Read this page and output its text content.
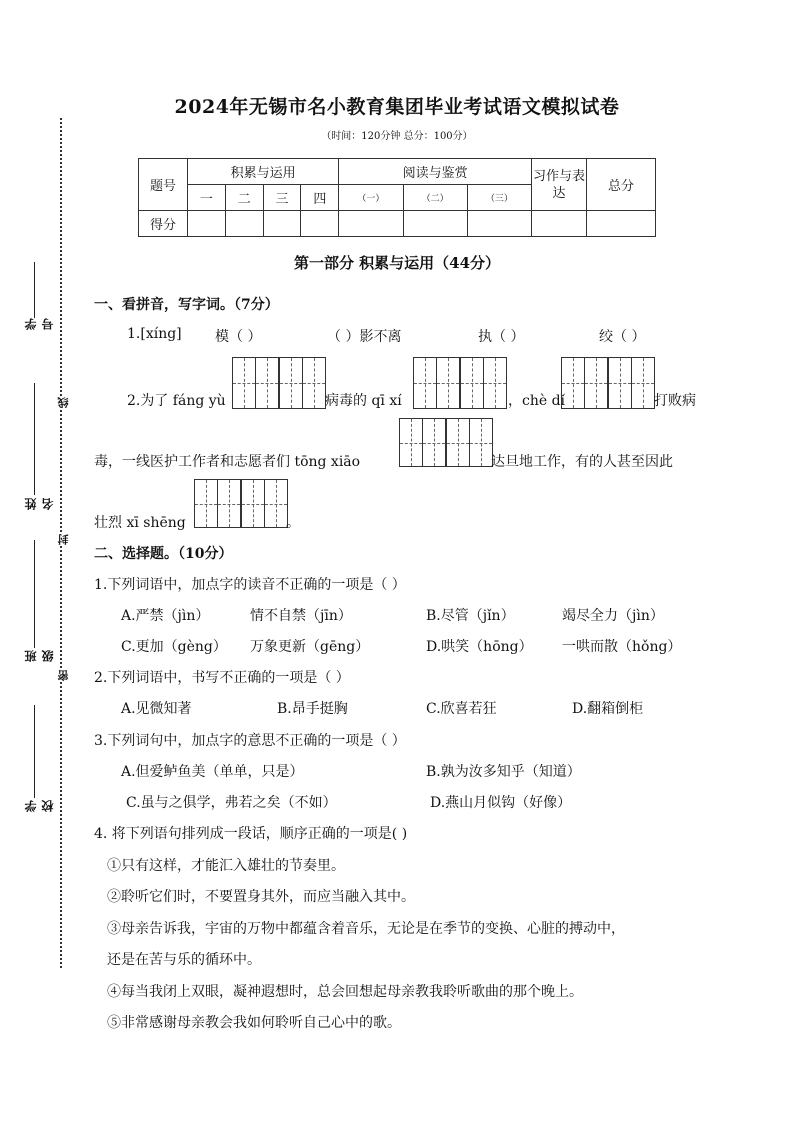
学号
姓名
班级
学校
线
封
密
2024年无锡市名小教育集团毕业考试语文模拟试卷
（时间：120分钟 总分：100分）
题号	积累与运用				阅读与鉴赏			习作与表达	总分
	一	二	三	四	（一）	（二）	（三）		
得分									
第一部分 积累与运用（44分）
一、看拼音，写字词。（7分）
1.[xíng] 模（ ）	（ ）影不离	执（ ）	绞（ ）
2.为了 fáng yù	病毒的 qī xí	，chè dǐ	打败病
毒，一线医护工作者和志愿者们 tōng xiāo	达旦地工作，有的人甚至因此
壮烈 xī shēng	。
二、选择题。（10分）
1.下列词语中，加点字的读音不正确的一项是（ ）
A.严禁（jìn）	情不自禁（jīn）	B.尽管（jǐn）	竭尽全力（jìn）
C.更加（gèng） 万象更新（gēng）	D.哄笑（hōng） 一哄而散（hǒng）
2.下列词语中，书写不正确的一项是（ ）
A.见微知著	B.昂手挺胸	C.欣喜若狂	D.翻箱倒柜
3.下列词句中，加点字的意思不正确的一项是（ ）
A.但爱鲈鱼美（单单，只是）	B.孰为汝多知乎（知道）
C.虽与之俱学，弗若之矣（不如）	D.燕山月似钩（好像）
4. 将下列语句排列成一段话，顺序正确的一项是( )
①只有这样，才能汇入雄壮的节奏里。
②聆听它们时，不要置身其外，而应当融入其中。
③母亲告诉我，宇宙的万物中都蕴含着音乐，无论是在季节的变换、心脏的搏动中，
还是在苦与乐的循环中。
④每当我闭上双眼，凝神遐想时，总会回想起母亲教我聆听歌曲的那个晚上。
⑤非常感谢母亲教会我如何聆听自己心中的歌。
